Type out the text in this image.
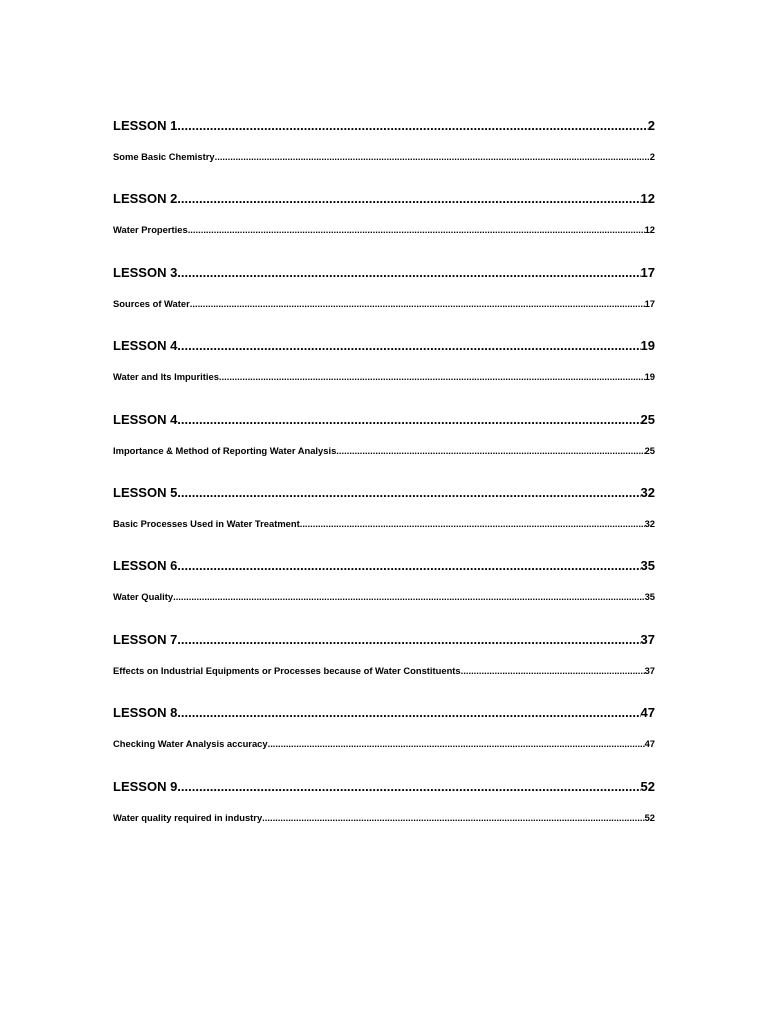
LESSON 1 .....	2
Some Basic Chemistry .....	2
LESSON 2 .....	12
Water Properties .....	12
LESSON 3 .....	17
Sources of Water .....	17
LESSON 4 .....	19
Water and Its Impurities .....	19
LESSON 4 .....	25
Importance & Method of Reporting Water Analysis .....	25
LESSON 5 .....	32
Basic Processes Used in Water Treatment .....	32
LESSON 6 .....	35
Water Quality .....	35
LESSON 7 .....	37
Effects on Industrial Equipments or Processes because of Water Constituents .....	37
LESSON 8 .....	47
Checking Water Analysis accuracy .....	47
LESSON 9 .....	52
Water quality required in industry .....	52
